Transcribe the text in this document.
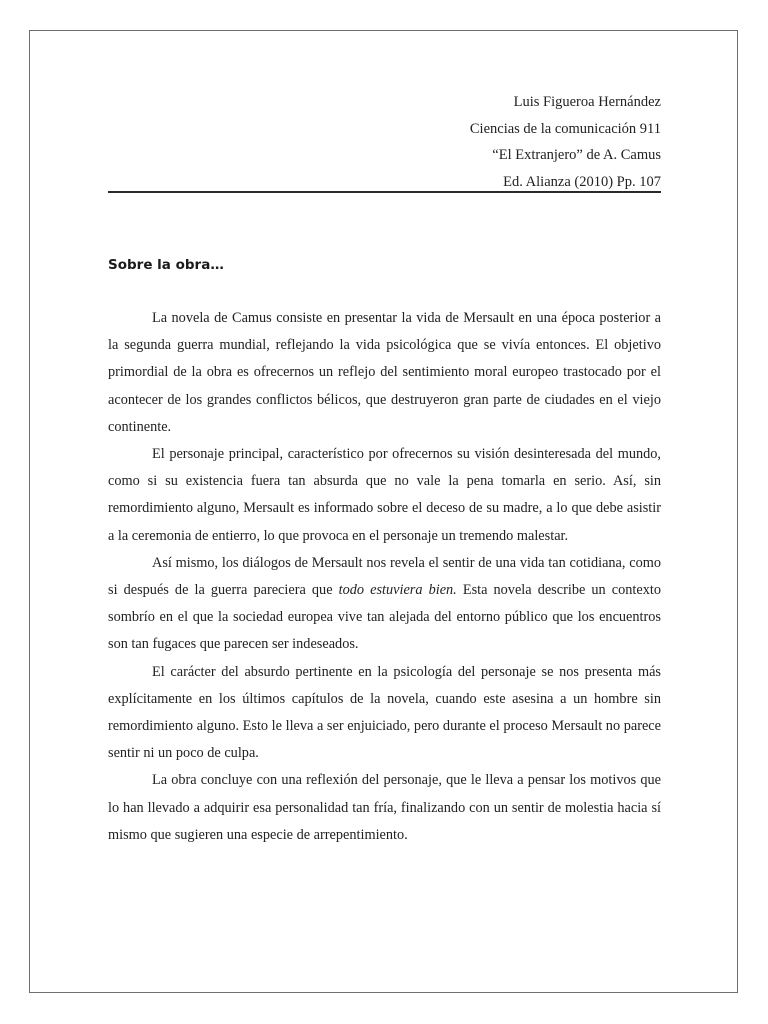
Luis Figueroa Hernández
Ciencias de la comunicación 911
“El Extranjero” de A. Camus
Ed. Alianza (2010) Pp. 107
Sobre la obra…

La novela de Camus consiste en presentar la vida de Mersault en una época posterior a la segunda guerra mundial, reflejando la vida psicológica que se vivía entonces. El objetivo primordial de la obra es ofrecernos un reflejo del sentimiento moral europeo trastocado por el acontecer de los grandes conflictos bélicos, que destruyeron gran parte de ciudades en el viejo continente.

El personaje principal, característico por ofrecernos su visión desinteresada del mundo, como si su existencia fuera tan absurda que no vale la pena tomarla en serio. Así, sin remordimiento alguno, Mersault es informado sobre el deceso de su madre, a lo que debe asistir a la ceremonia de entierro, lo que provoca en el personaje un tremendo malestar.

Así mismo, los diálogos de Mersault nos revela el sentir de una vida tan cotidiana, como si después de la guerra pareciera que todo estuviera bien. Esta novela describe un contexto sombrío en el que la sociedad europea vive tan alejada del entorno público que los encuentros son tan fugaces que parecen ser indeseados.

El carácter del absurdo pertinente en la psicología del personaje se nos presenta más explícitamente en los últimos capítulos de la novela, cuando este asesina a un hombre sin remordimiento alguno. Esto le lleva a ser enjuiciado, pero durante el proceso Mersault no parece sentir ni un poco de culpa.

La obra concluye con una reflexión del personaje, que le lleva a pensar los motivos que lo han llevado a adquirir esa personalidad tan fría, finalizando con un sentir de molestia hacia sí mismo que sugieren una especie de arrepentimiento.
